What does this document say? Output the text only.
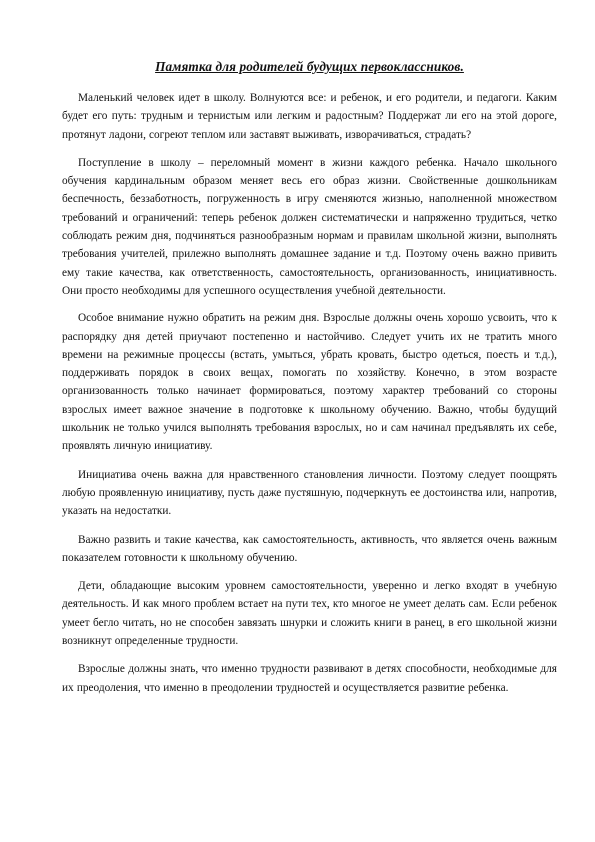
Памятка для родителей будущих первоклассников.

Маленький человек идет в школу. Волнуются все: и ребенок, и его родители, и педагоги. Каким будет его путь: трудным и тернистым или легким и радостным? Поддержат ли его на этой дороге, протянут ладони, согреют теплом или заставят выживать, изворачиваться, страдать?

Поступление в школу – переломный момент в жизни каждого ребенка. Начало школьного обучения кардинальным образом меняет весь его образ жизни. Свойственные дошкольникам беспечность, беззаботность, погруженность в игру сменяются жизнью, наполненной множеством требований и ограничений: теперь ребенок должен систематически и напряженно трудиться, четко соблюдать режим дня, подчиняться разнообразным нормам и правилам школьной жизни, выполнять требования учителей, прилежно выполнять домашнее задание и т.д. Поэтому очень важно привить ему такие качества, как ответственность, самостоятельность, организованность, инициативность. Они просто необходимы для успешного осуществления учебной деятельности.

Особое внимание нужно обратить на режим дня. Взрослые должны очень хорошо усвоить, что к распорядку дня детей приучают постепенно и настойчиво. Следует учить их не тратить много времени на режимные процессы (встать, умыться, убрать кровать, быстро одеться, поесть и т.д.), поддерживать порядок в своих вещах, помогать по хозяйству. Конечно, в этом возрасте организованность только начинает формироваться, поэтому характер требований со стороны взрослых имеет важное значение в подготовке к школьному обучению. Важно, чтобы будущий школьник не только учился выполнять требования взрослых, но и сам начинал предъявлять их себе, проявлять личную инициативу.

Инициатива очень важна для нравственного становления личности. Поэтому следует поощрять любую проявленную инициативу, пусть даже пустяшную, подчеркнуть ее достоинства или, напротив, указать на недостатки.

Важно развить и такие качества, как самостоятельность, активность, что является очень важным показателем готовности к школьному обучению.

Дети, обладающие высоким уровнем самостоятельности, уверенно и легко входят в учебную деятельность. И как много проблем встает на пути тех, кто многое не умеет делать сам. Если ребенок умеет бегло читать, но не способен завязать шнурки и сложить книги в ранец, в его школьной жизни возникнут определенные трудности.

Взрослые должны знать, что именно трудности развивают в детях способности, необходимые для их преодоления, что именно в преодолении трудностей и осуществляется развитие ребенка.
